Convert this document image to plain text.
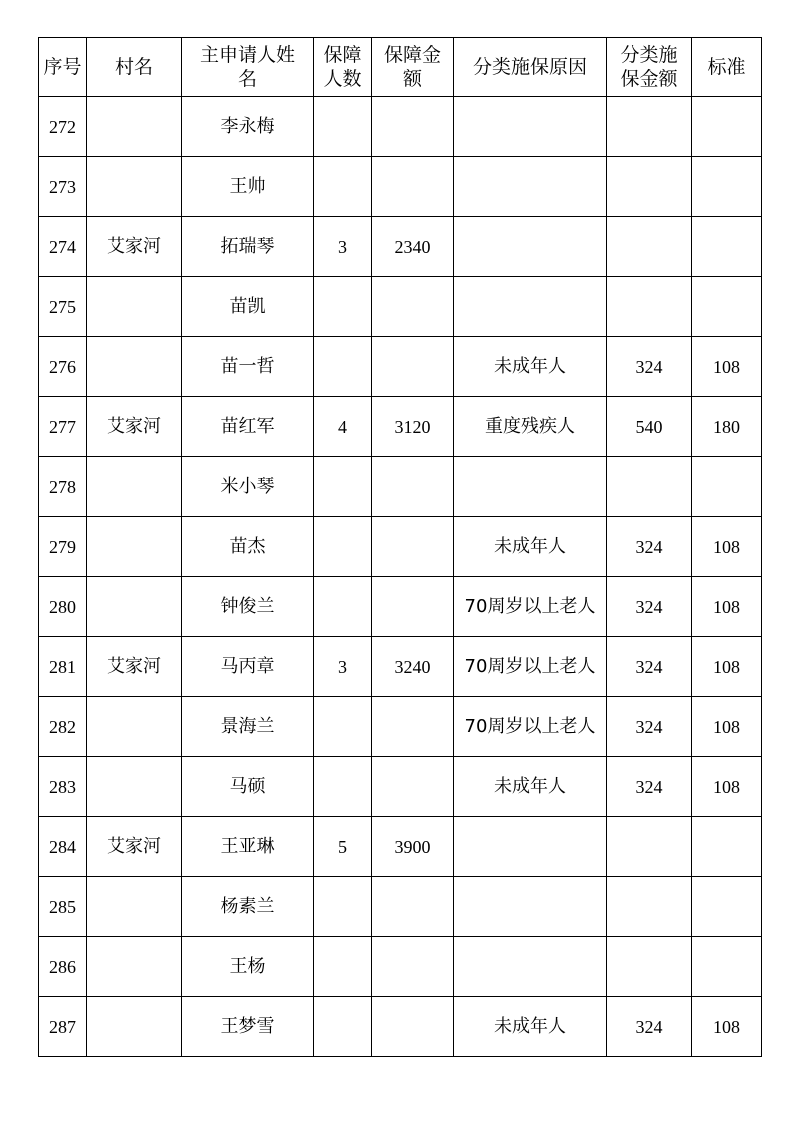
序号	村名	主申请人姓名	保障人数	保障金额	分类施保原因	分类施保金额	标准
272		李永梅					
273		王帅					
274	艾家河	拓瑞琴	3	2340			
275		苗凯					
276		苗一哲			未成年人	324	108
277	艾家河	苗红军	4	3120	重度残疾人	540	180
278		米小琴					
279		苗杰			未成年人	324	108
280		钟俊兰			70周岁以上老人	324	108
281	艾家河	马丙章	3	3240	70周岁以上老人	324	108
282		景海兰			70周岁以上老人	324	108
283		马硕			未成年人	324	108
284	艾家河	王亚琳	5	3900			
285		杨素兰					
286		王杨					
287		王梦雪			未成年人	324	108
